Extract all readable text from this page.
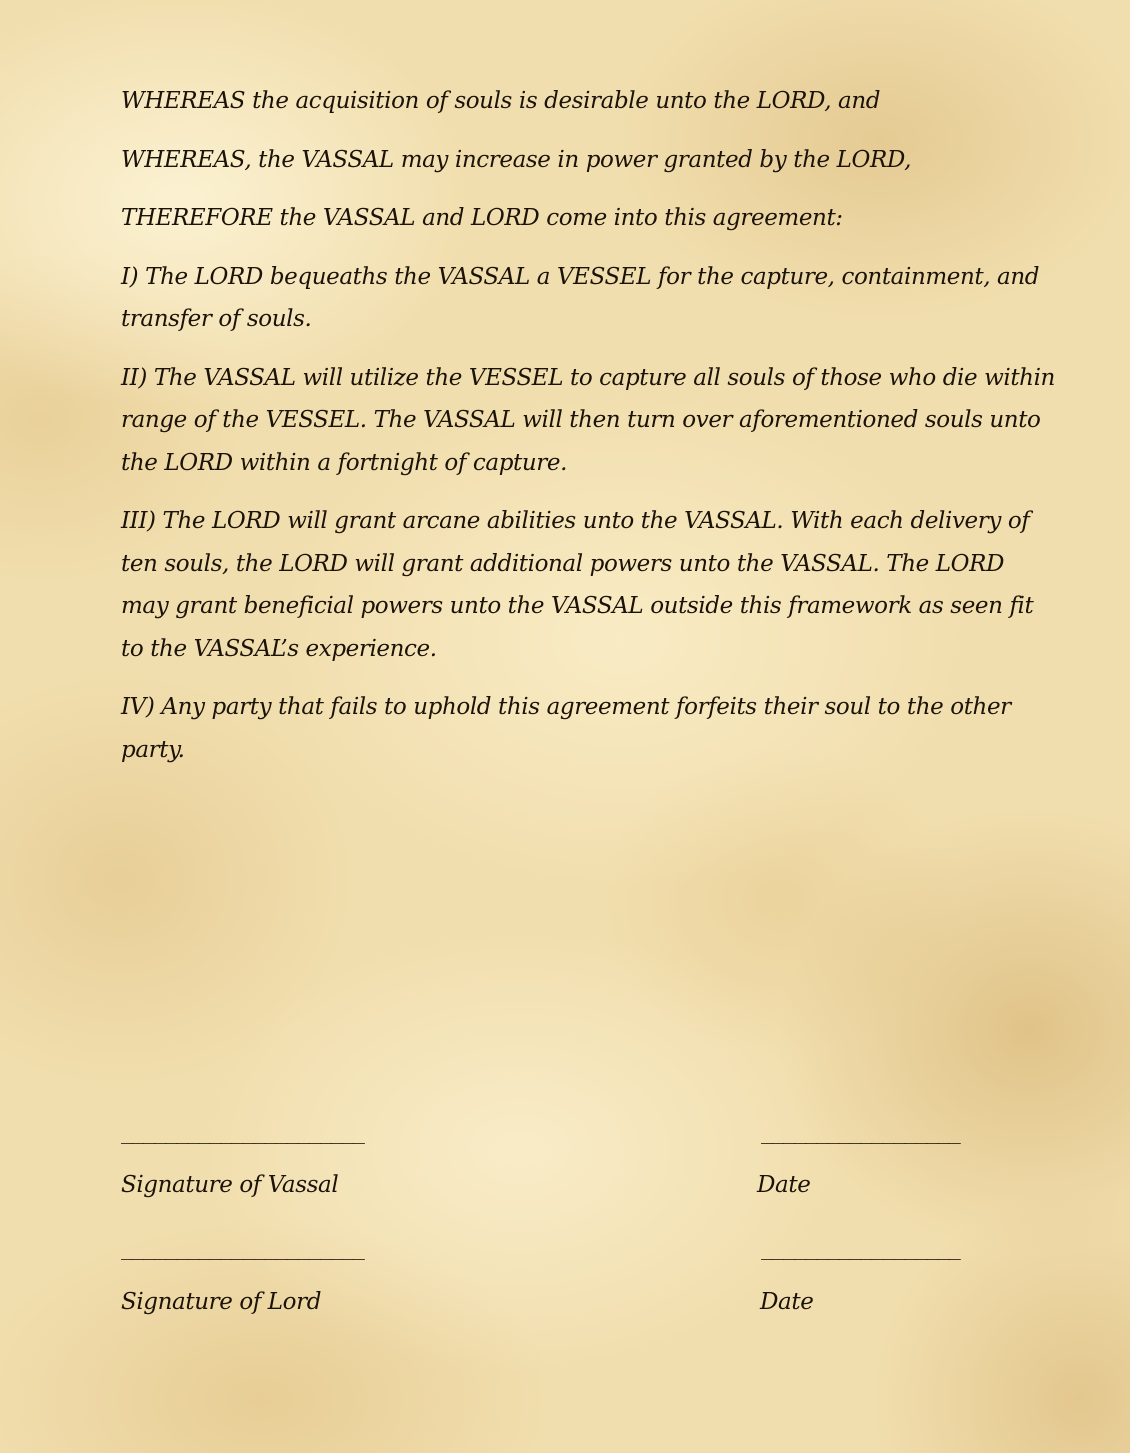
WHEREAS the acquisition of souls is desirable unto the LORD, and

WHEREAS, the VASSAL may increase in power granted by the LORD,

THEREFORE the VASSAL and LORD come into this agreement:

I) The LORD bequeaths the VASSAL a VESSEL for the capture, containment, and transfer of souls.

II) The VASSAL will utilize the VESSEL to capture all souls of those who die within range of the VESSEL. The VASSAL will then turn over aforementioned souls unto the LORD within a fortnight of capture.

III) The LORD will grant arcane abilities unto the VASSAL. With each delivery of ten souls, the LORD will grant additional powers unto the VASSAL. The LORD may grant beneficial powers unto the VASSAL outside this framework as seen fit to the VASSAL’s experience.

IV) Any party that fails to uphold this agreement forfeits their soul to the other party.

______________________	__________________
Signature of Vassal	Date
______________________	__________________
Signature of Lord	Date
